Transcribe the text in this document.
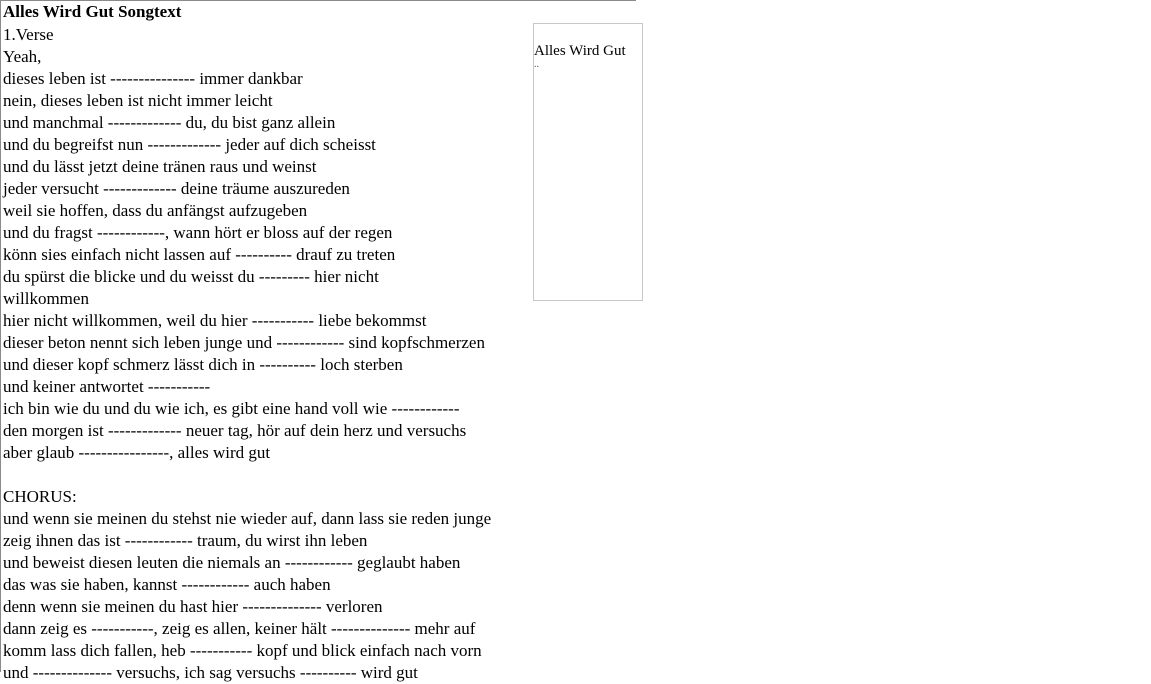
Alles Wird Gut Songtext
1.Verse
Yeah,
dieses leben ist --------------- immer dankbar
nein, dieses leben ist nicht immer leicht
und manchmal ------------- du, du bist ganz allein
und du begreifst nun ------------- jeder auf dich scheisst
und du lässt jetzt deine tränen raus und weinst
jeder versucht ------------- deine träume auszureden
weil sie hoffen, dass du anfängst aufzugeben
und du fragst ------------, wann hört er bloss auf der regen
könn sies einfach nicht lassen auf ---------- drauf zu treten
du spürst die blicke und du weisst du --------- hier nicht
willkommen
hier nicht willkommen, weil du hier ----------- liebe bekommst
dieser beton nennt sich leben junge und ------------ sind kopfschmerzen
und dieser kopf schmerz lässt dich in ---------- loch sterben
und keiner antwortet -----------
ich bin wie du und du wie ich, es gibt eine hand voll wie ------------
den morgen ist ------------- neuer tag, hör auf dein herz und versuchs
aber glaub ----------------, alles wird gut
CHORUS:
und wenn sie meinen du stehst nie wieder auf, dann lass sie reden junge
zeig ihnen das ist ------------ traum, du wirst ihn leben
und beweist diesen leuten die niemals an ------------ geglaubt haben
das was sie haben, kannst ------------ auch haben
denn wenn sie meinen du hast hier -------------- verloren
dann zeig es -----------, zeig es allen, keiner hält -------------- mehr auf
komm lass dich fallen, heb ----------- kopf und blick einfach nach vorn
und -------------- versuchs, ich sag versuchs ---------- wird gut
Alles Wird Gut
..
